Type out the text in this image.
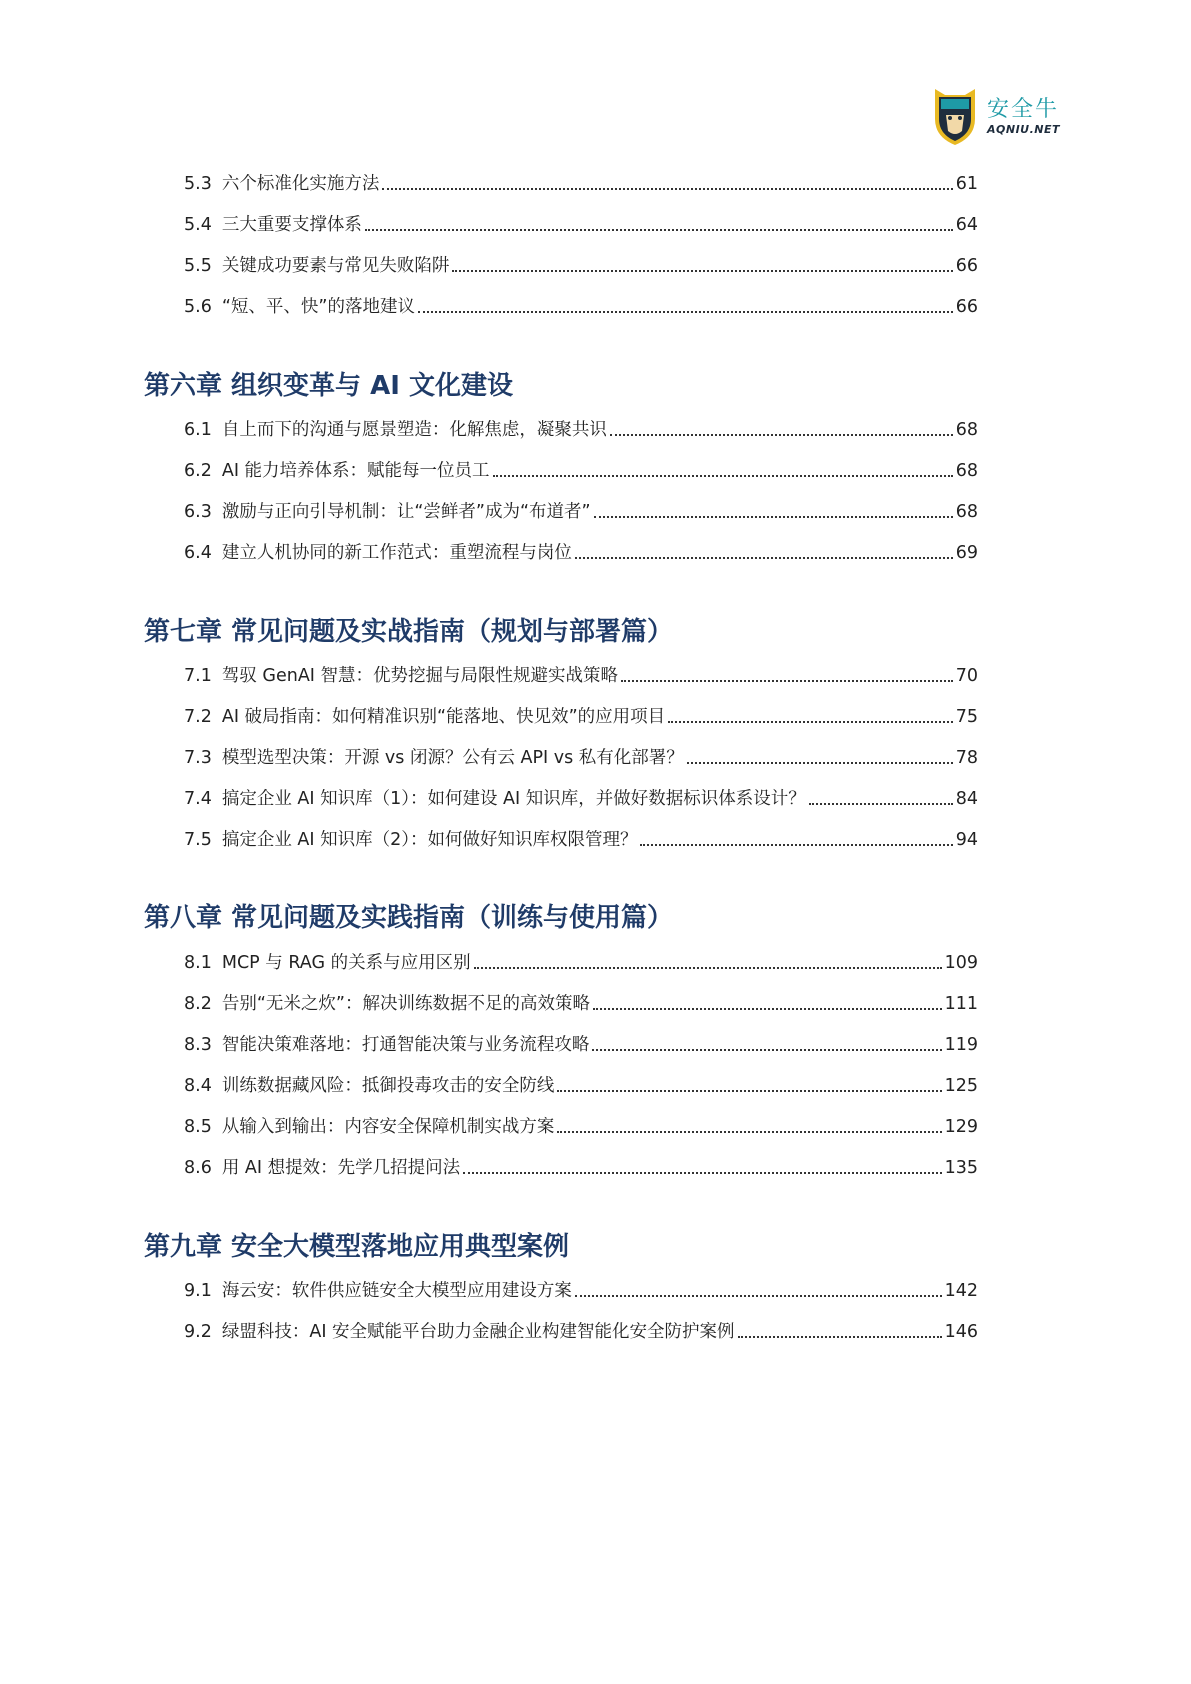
安全牛
AQNIU.NET
5.3 六个标准化实施方法	61
5.4 三大重要支撑体系	64
5.5 关键成功要素与常见失败陷阱	66
5.6 “短、平、快”的落地建议	66
第六章 组织变革与 AI 文化建设
6.1 自上而下的沟通与愿景塑造：化解焦虑，凝聚共识	68
6.2 AI 能力培养体系：赋能每一位员工	68
6.3 激励与正向引导机制：让“尝鲜者”成为“布道者”	68
6.4 建立人机协同的新工作范式：重塑流程与岗位	69
第七章 常见问题及实战指南（规划与部署篇）
7.1 驾驭 GenAI 智慧：优势挖掘与局限性规避实战策略	70
7.2 AI 破局指南：如何精准识别“能落地、快见效”的应用项目	75
7.3 模型选型决策：开源 vs 闭源？公有云 API vs 私有化部署？	78
7.4 搞定企业 AI 知识库（1）：如何建设 AI 知识库，并做好数据标识体系设计？	84
7.5 搞定企业 AI 知识库（2）：如何做好知识库权限管理？	94
第八章 常见问题及实践指南（训练与使用篇）
8.1 MCP 与 RAG 的关系与应用区别	109
8.2 告别“无米之炊”：解决训练数据不足的高效策略	111
8.3 智能决策难落地：打通智能决策与业务流程攻略	119
8.4 训练数据藏风险：抵御投毒攻击的安全防线	125
8.5 从输入到输出：内容安全保障机制实战方案	129
8.6 用 AI 想提效：先学几招提问法	135
第九章 安全大模型落地应用典型案例
9.1 海云安：软件供应链安全大模型应用建设方案	142
9.2 绿盟科技：AI 安全赋能平台助力金融企业构建智能化安全防护案例	146
